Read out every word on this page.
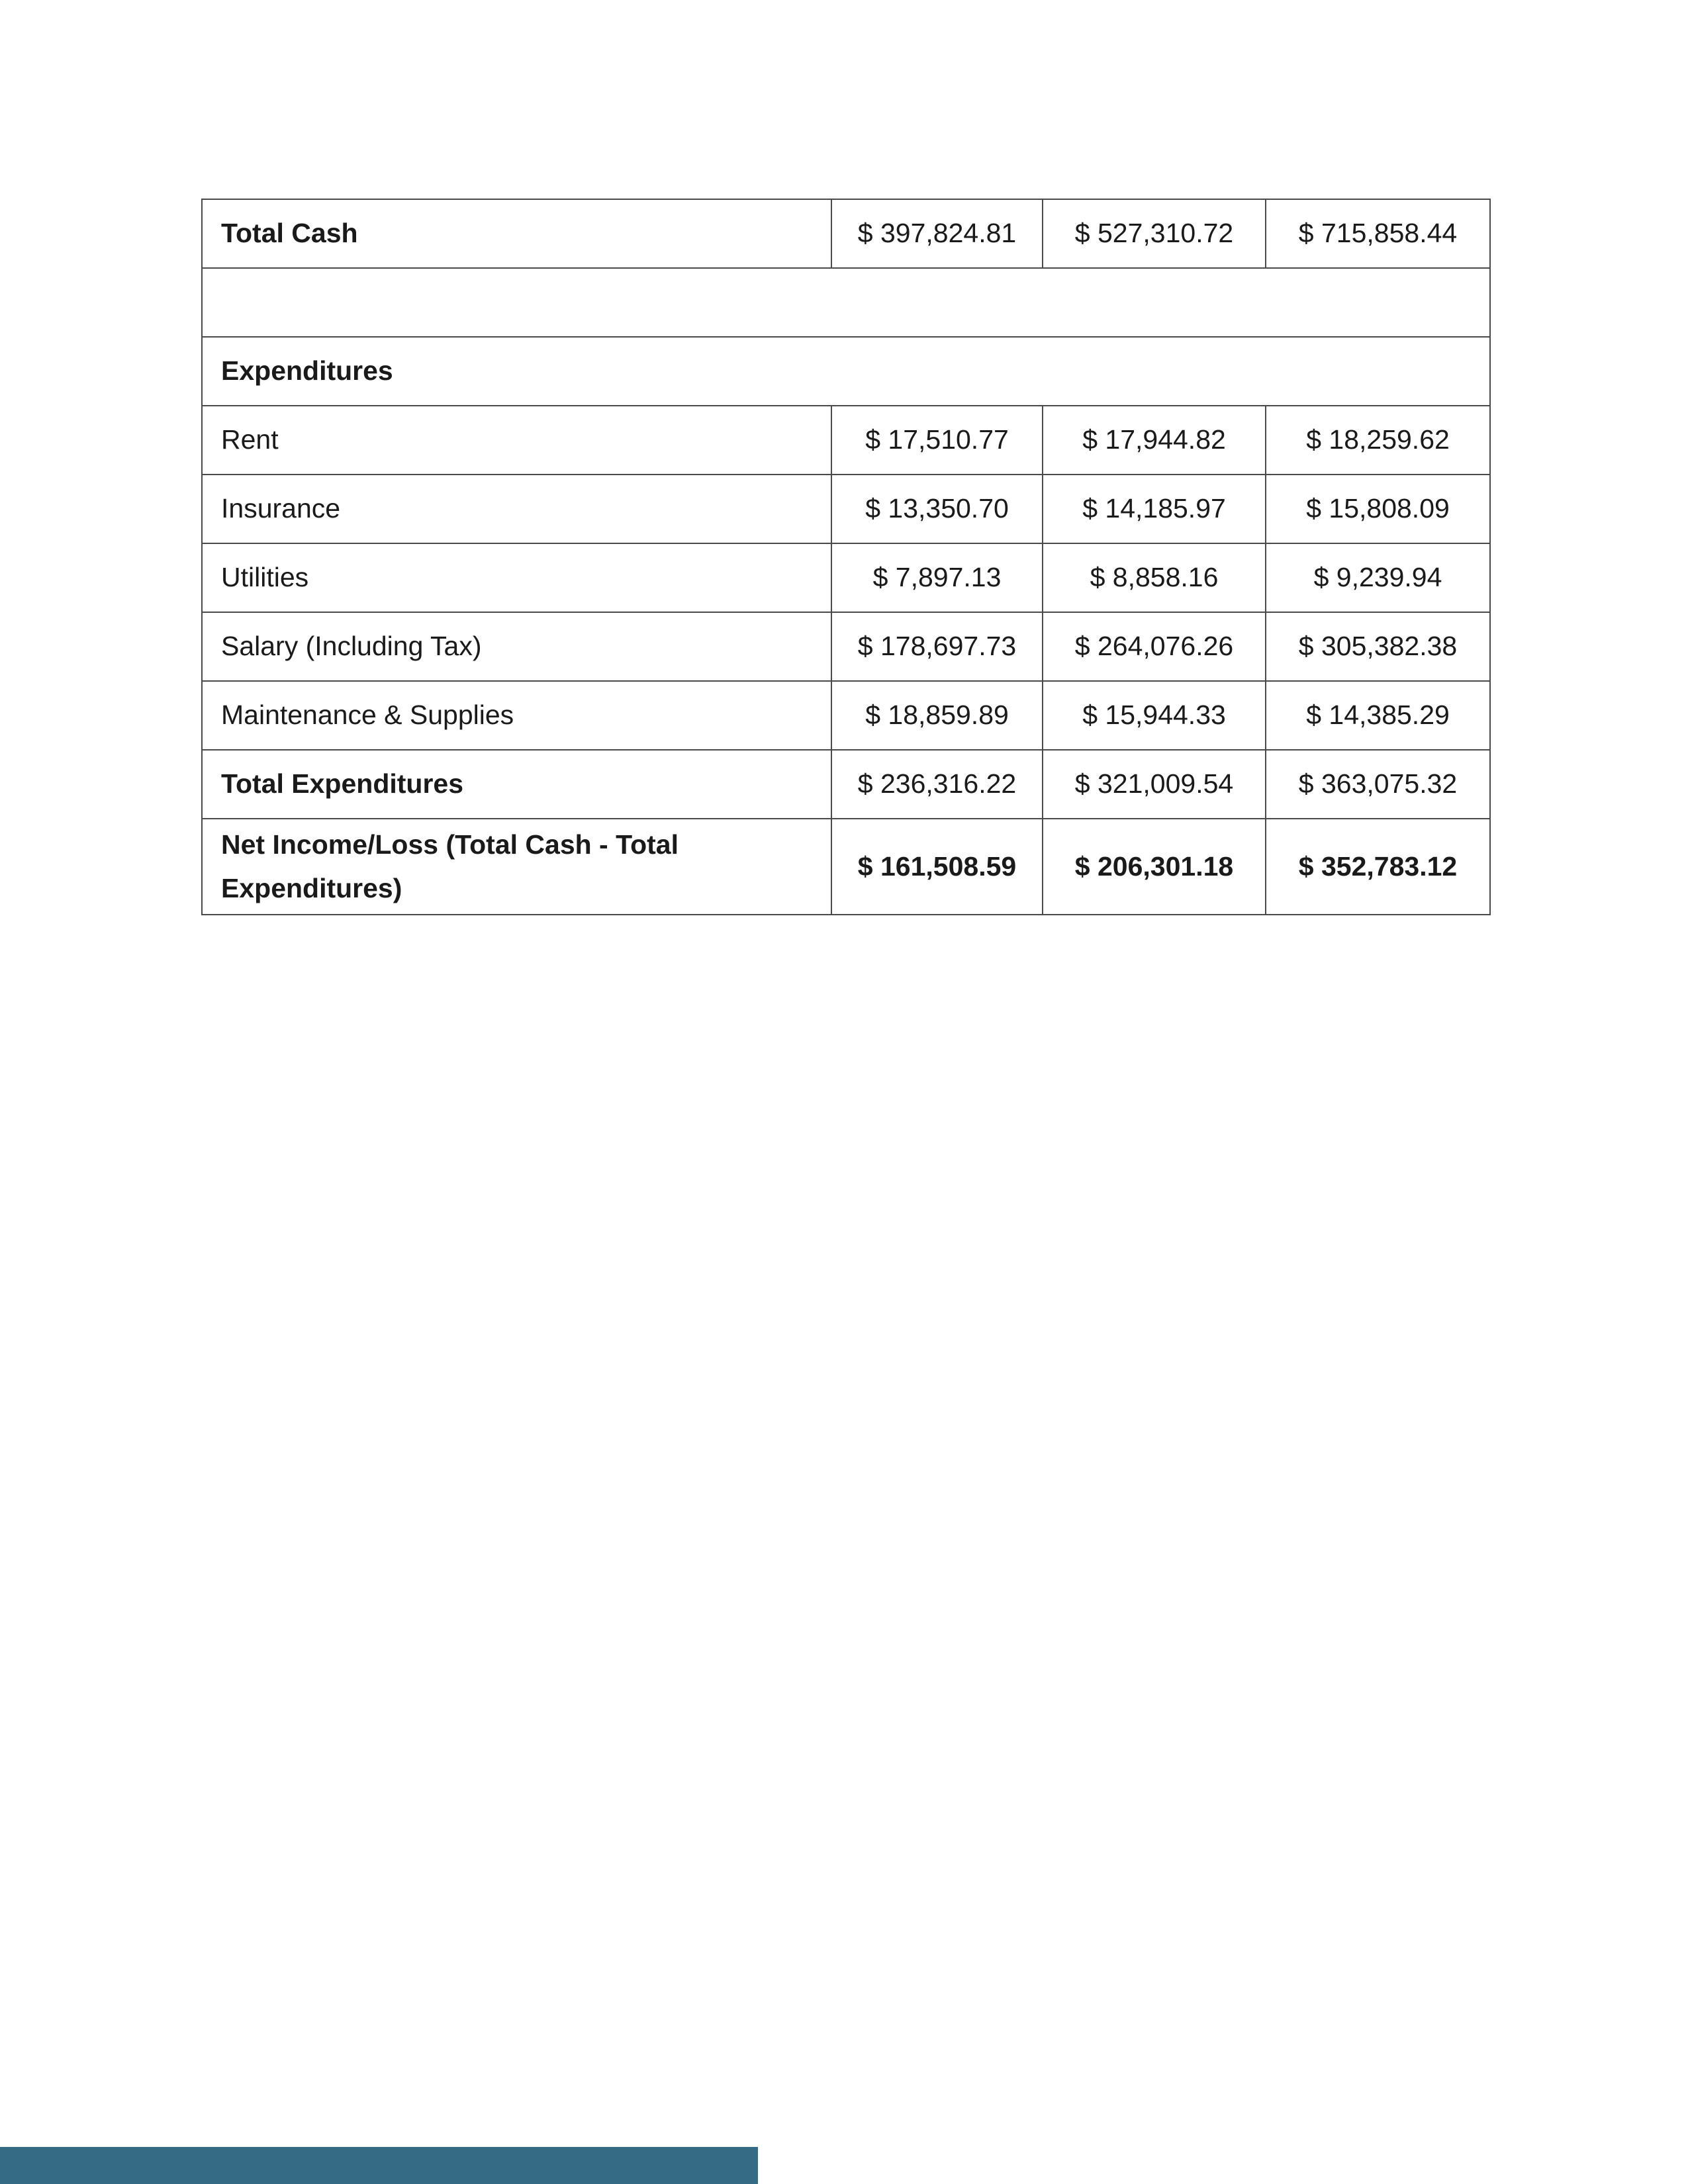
Total Cash	$ 397,824.81	$ 527,310.72	$ 715,858.44

Expenditures			
Rent	$ 17,510.77	$ 17,944.82	$ 18,259.62
Insurance	$ 13,350.70	$ 14,185.97	$ 15,808.09
Utilities	$ 7,897.13	$ 8,858.16	$ 9,239.94
Salary (Including Tax)	$ 178,697.73	$ 264,076.26	$ 305,382.38
Maintenance & Supplies	$ 18,859.89	$ 15,944.33	$ 14,385.29
Total Expenditures	$ 236,316.22	$ 321,009.54	$ 363,075.32
Net Income/Loss (Total Cash - Total
Expenditures)	$ 161,508.59	$ 206,301.18	$ 352,783.12
